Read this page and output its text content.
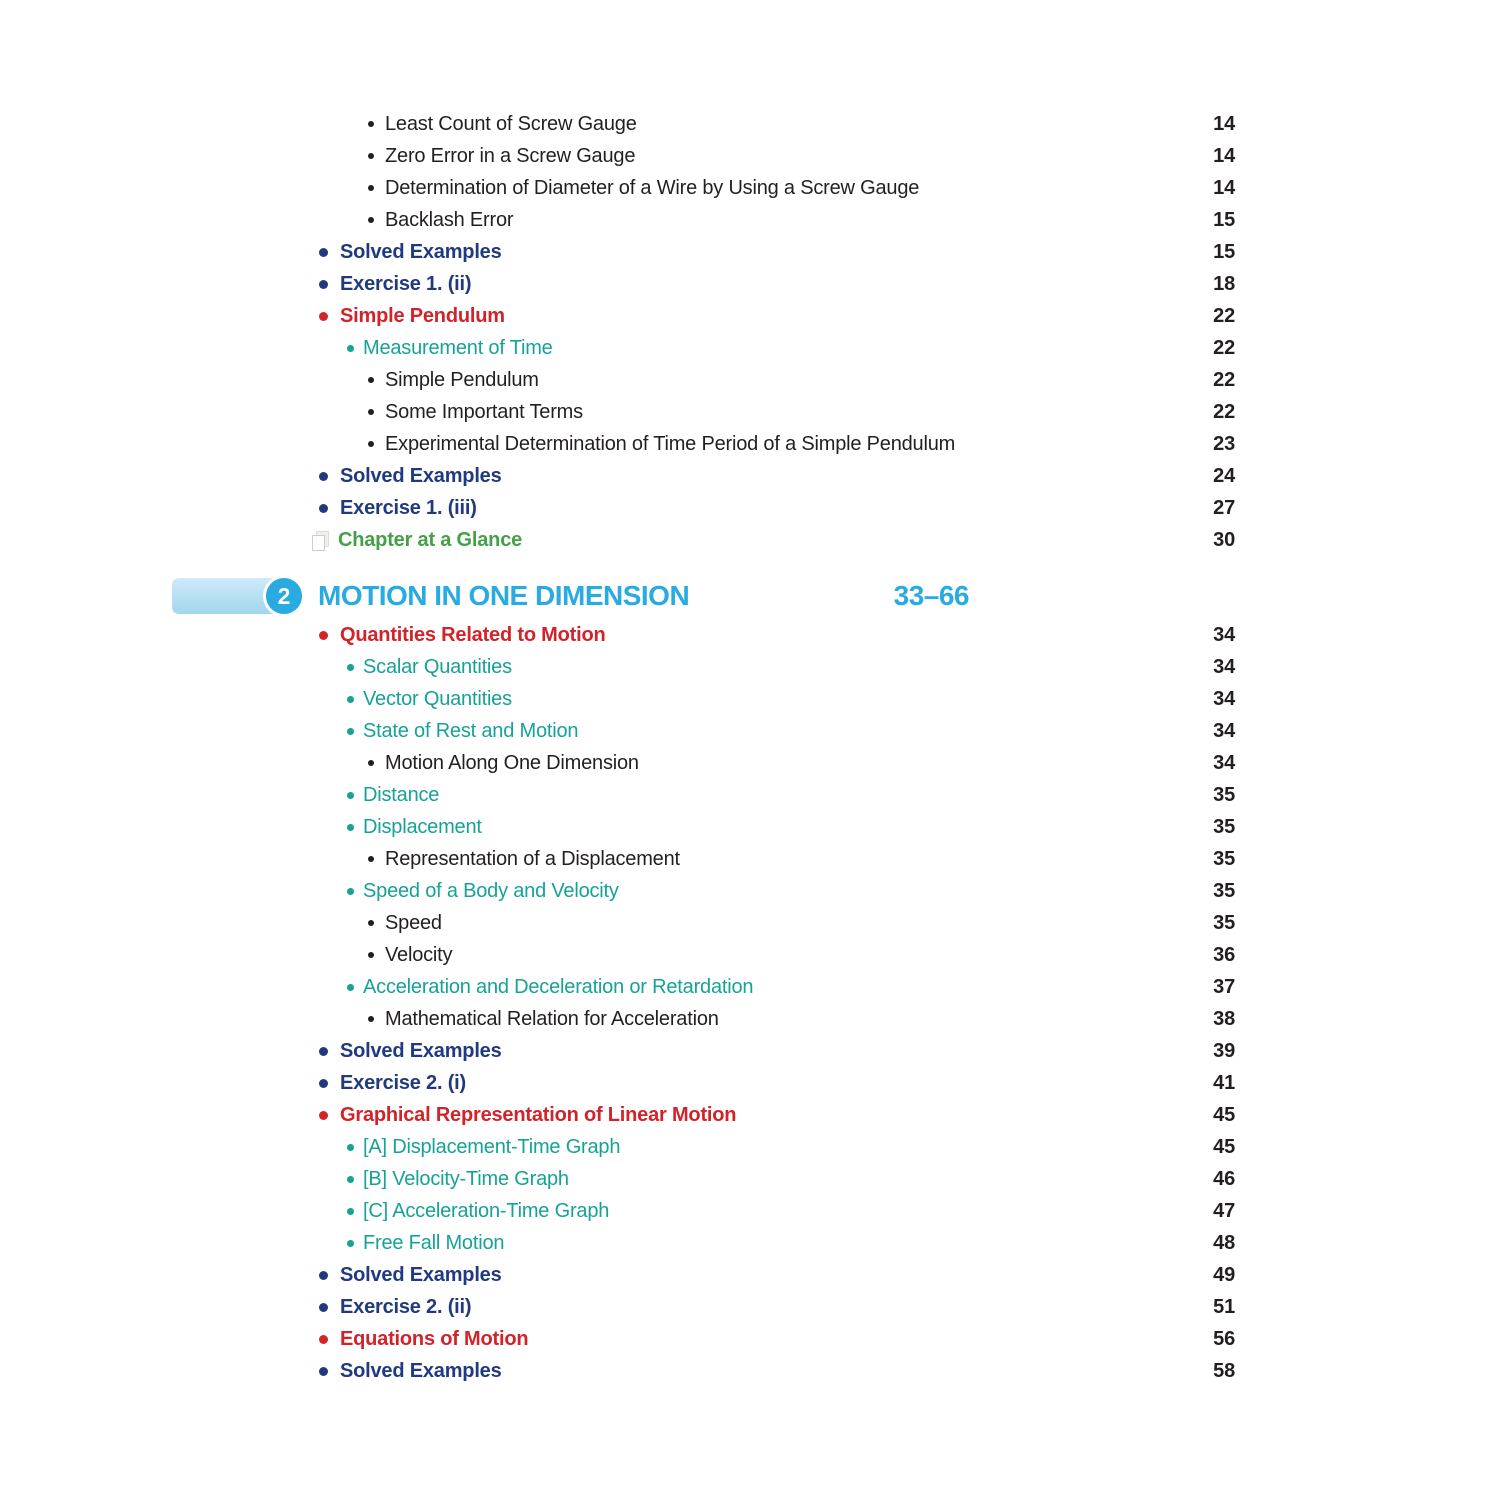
Least Count of Screw Gauge	14
Zero Error in a Screw Gauge	14
Determination of Diameter of a Wire by Using a Screw Gauge	14
Backlash Error	15
Solved Examples	15
Exercise 1. (ii)	18
Simple Pendulum	22
Measurement of Time	22
Simple Pendulum	22
Some Important Terms	22
Experimental Determination of Time Period of a Simple Pendulum	23
Solved Examples	24
Exercise 1. (iii)	27
Chapter at a Glance	30
2 MOTION IN ONE DIMENSION	33–66
Quantities Related to Motion	34
Scalar Quantities	34
Vector Quantities	34
State of Rest and Motion	34
Motion Along One Dimension	34
Distance	35
Displacement	35
Representation of a Displacement	35
Speed of a Body and Velocity	35
Speed	35
Velocity	36
Acceleration and Deceleration or Retardation	37
Mathematical Relation for Acceleration	38
Solved Examples	39
Exercise 2. (i)	41
Graphical Representation of Linear Motion	45
[A] Displacement-Time Graph	45
[B] Velocity-Time Graph	46
[C] Acceleration-Time Graph	47
Free Fall Motion	48
Solved Examples	49
Exercise 2. (ii)	51
Equations of Motion	56
Solved Examples	58
